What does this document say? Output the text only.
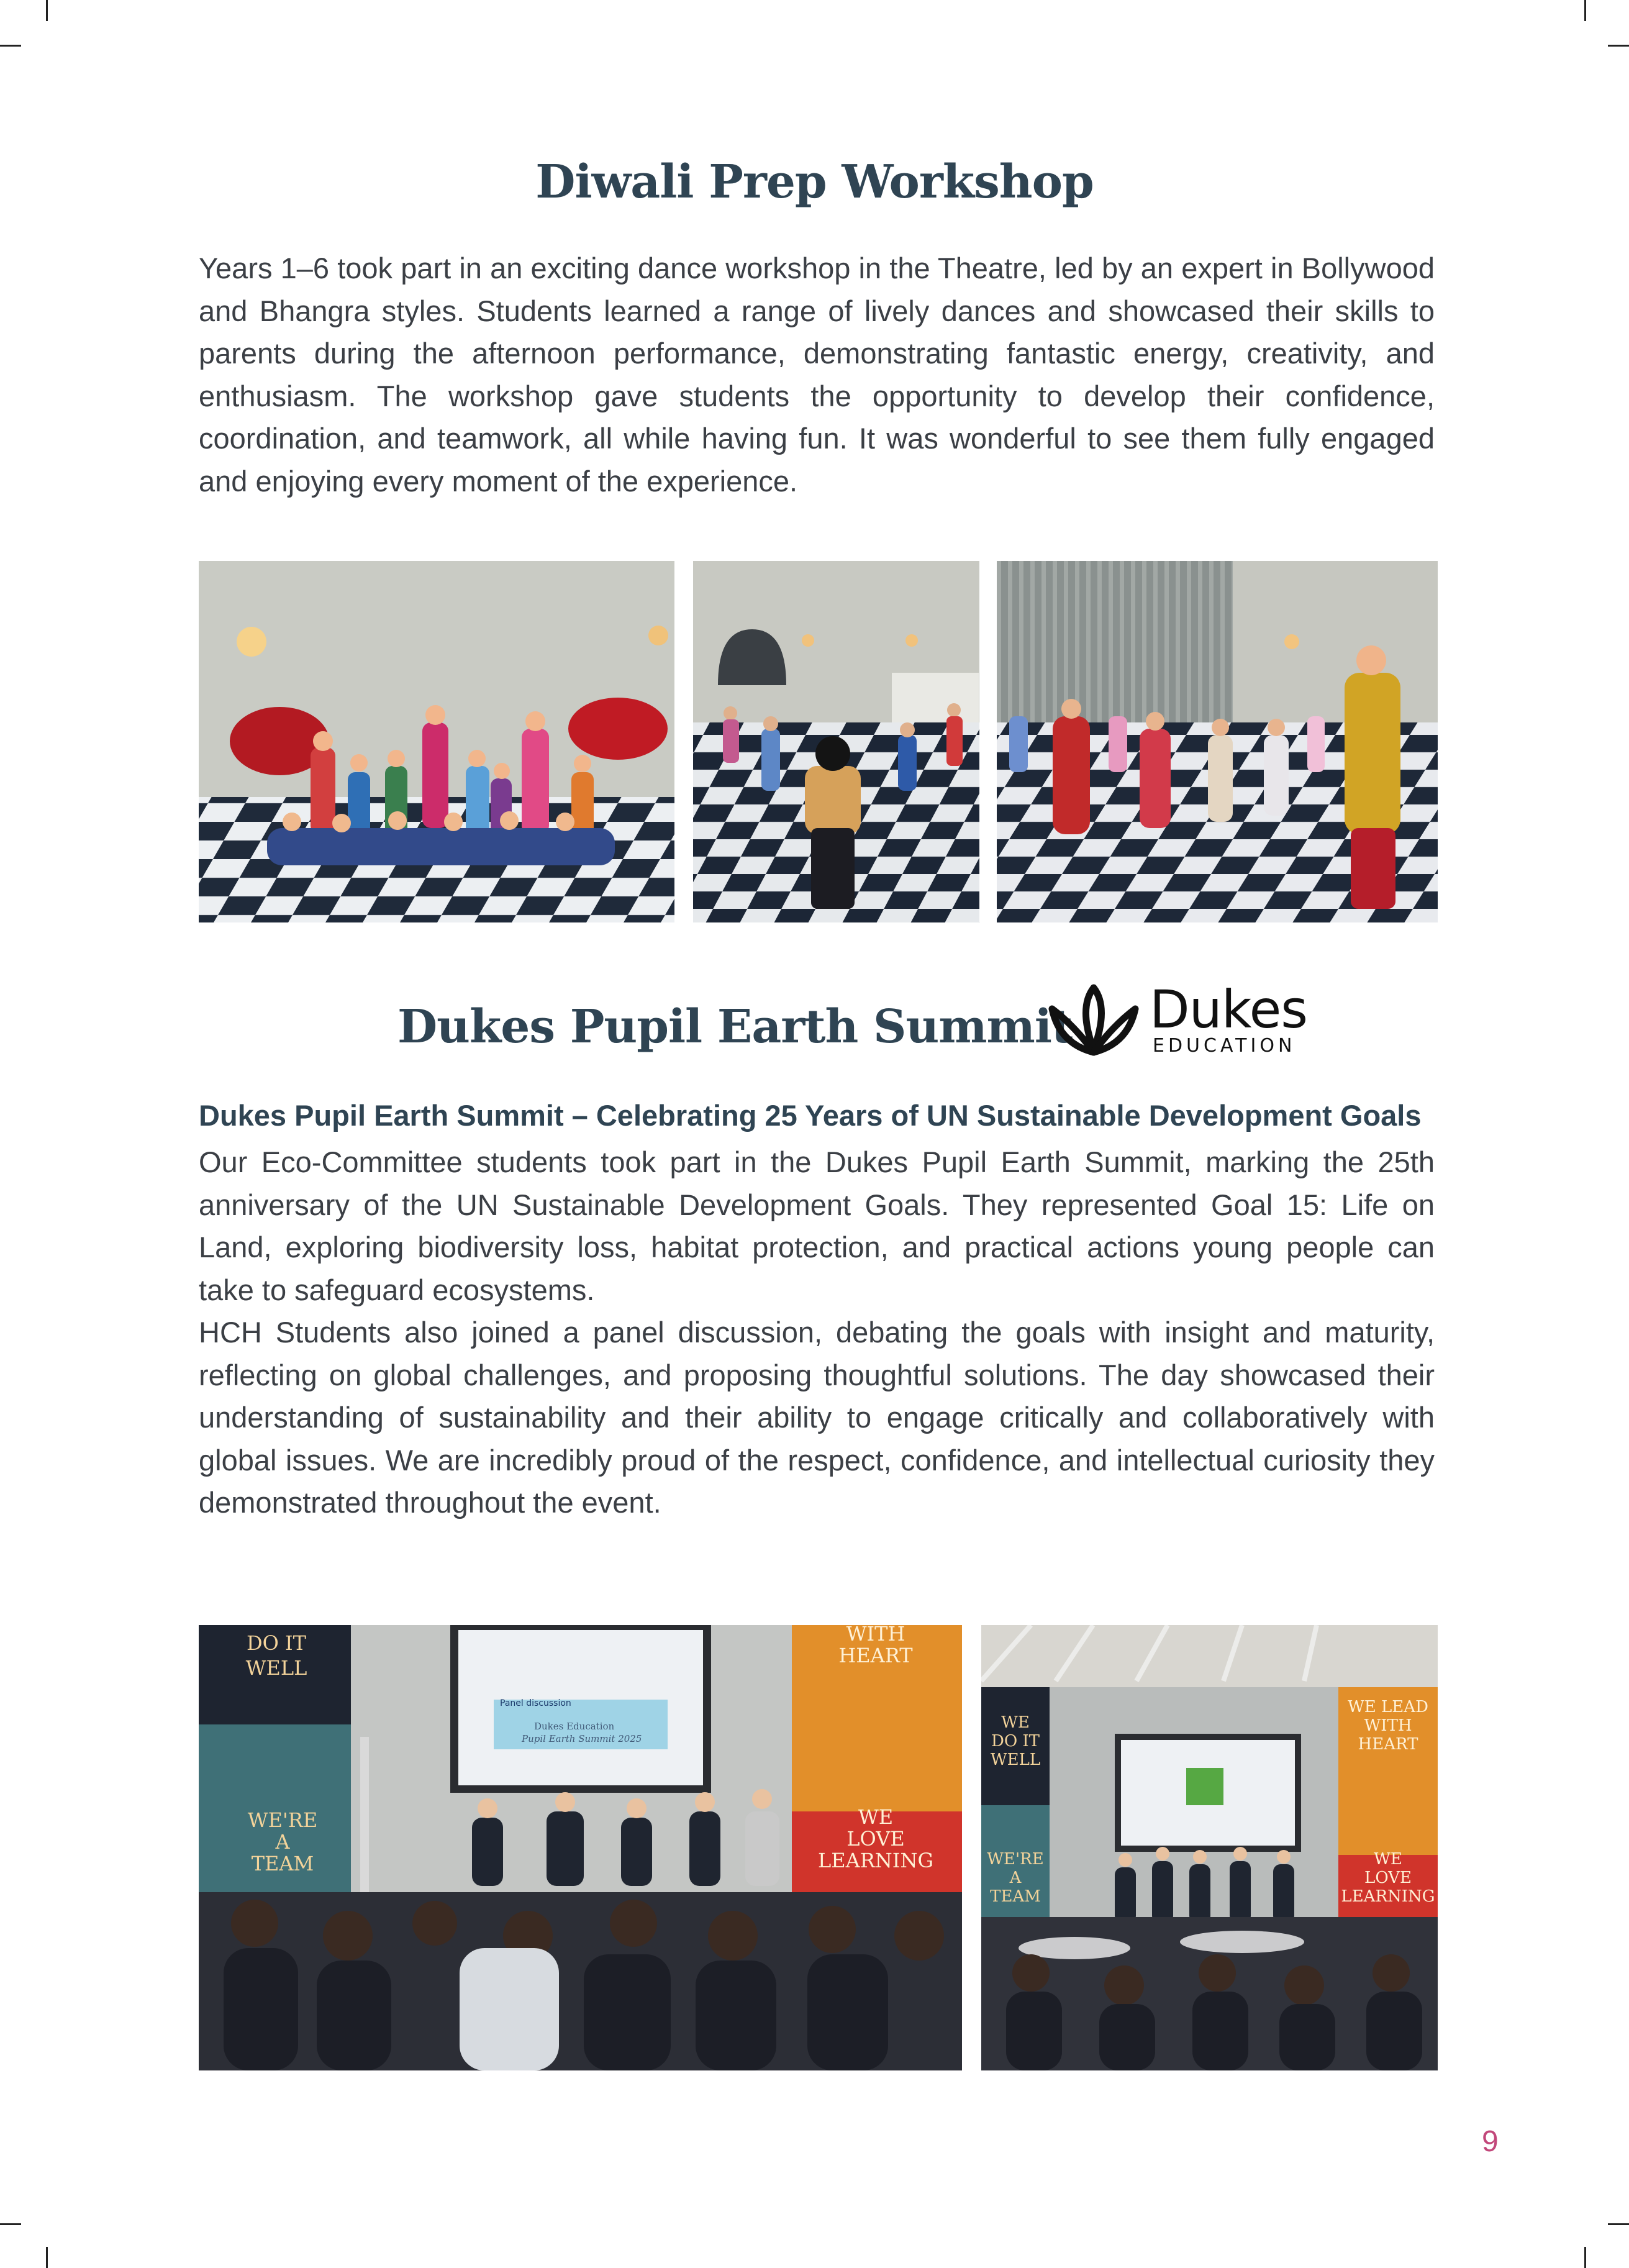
Diwali Prep Workshop
Years 1–6 took part in an exciting dance workshop in the Theatre, led by an expert in Bollywood and Bhangra styles. Students learned a range of lively dances and showcased their skills to parents during the afternoon performance, demonstrating fantastic energy, creativity, and enthusiasm. The workshop gave students the opportunity to develop their confidence, coordination, and teamwork, all while having fun. It was wonderful to see them fully engaged and enjoying every moment of the experience.
Dukes Pupil Earth Summit Dukes
EDUCATION
Dukes Pupil Earth Summit – Celebrating 25 Years of UN Sustainable Development Goals
Our Eco-Committee students took part in the Dukes Pupil Earth Summit, marking the 25th anniversary of the UN Sustainable Development Goals. They represented Goal 15: Life on Land, exploring biodiversity loss, habitat protection, and practical actions young people can take to safeguard ecosystems.
HCH Students also joined a panel discussion, debating the goals with insight and maturity, reflecting on global challenges, and proposing thoughtful solutions. The day showcased their understanding of sustainability and their ability to engage critically and collaboratively with global issues. We are incredibly proud of the respect, confidence, and intellectual curiosity they demonstrated throughout the event.
Panel discussion
Dukes Education
Pupil Earth Summit 2025
DO IT
WELL
WE'RE
A
TEAM
WITH
HEART
WE
LOVE
LEARNING
WE
DO IT
WELL
WE'RE
A
TEAM
WE LEAD
WITH
HEART
WE
LOVE
LEARNING
9
